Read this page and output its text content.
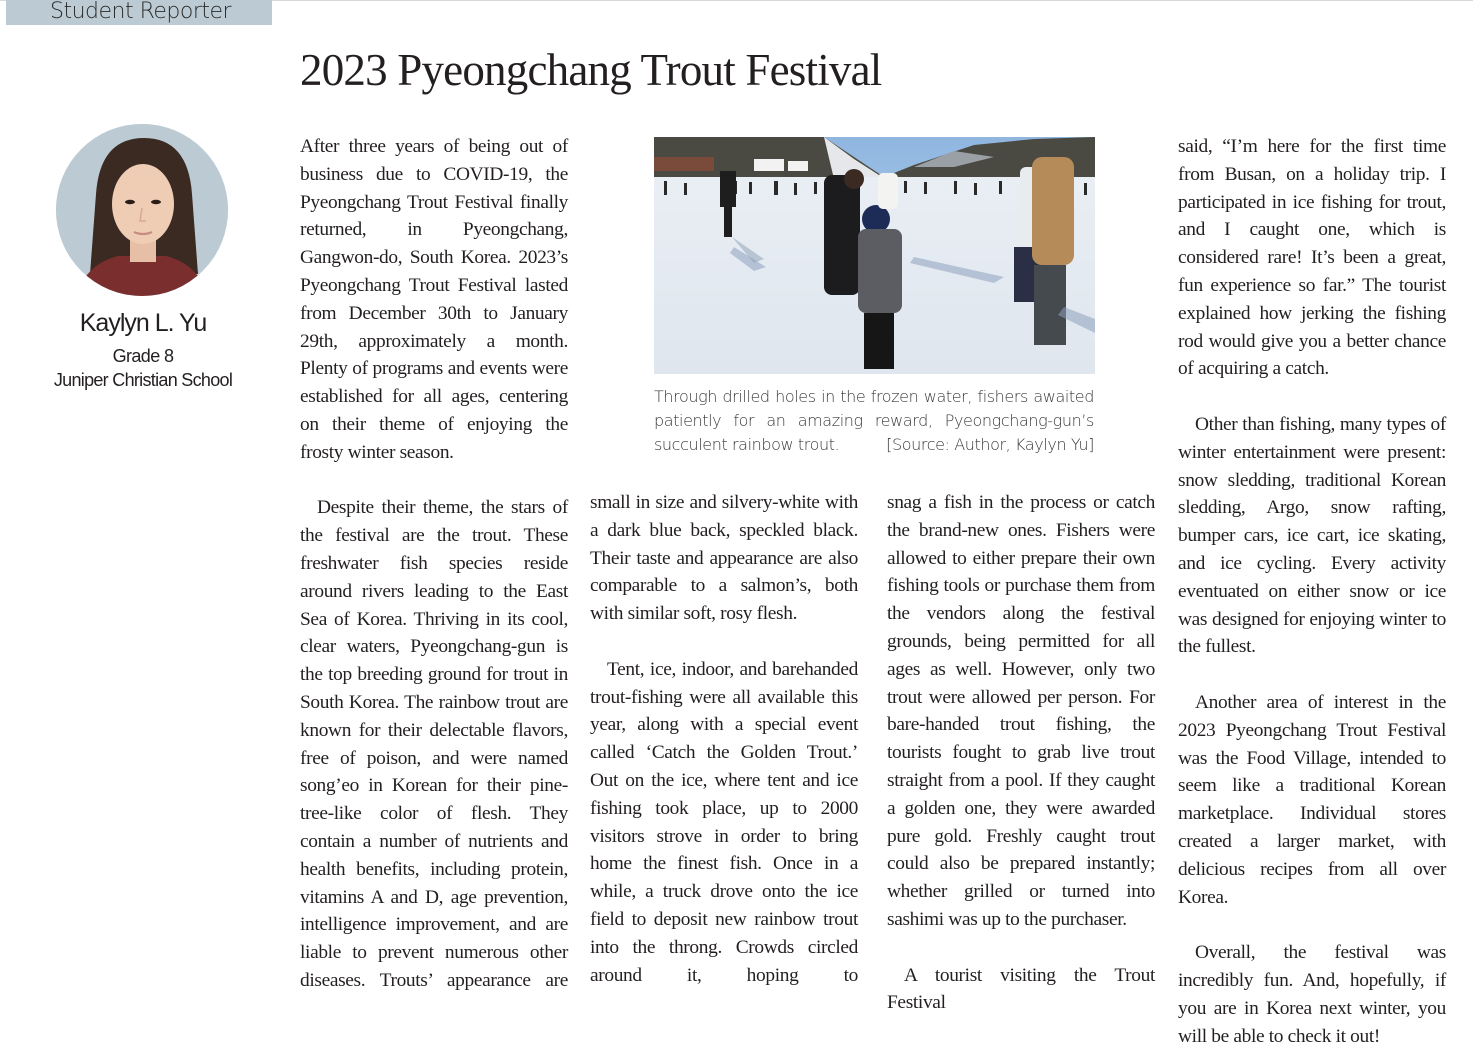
Student Reporter
2023 Pyeongchang Trout Festival
Kaylyn L. Yu
Grade 8
Juniper Christian School

After three years of being out of business due to COVID-19, the Pyeongchang Trout Festival finally returned, in Pyeongchang, Gangwon-do, South Korea. 2023’s Pyeongchang Trout Festival lasted from December 30th to January 29th, approximately a month. Plenty of programs and events were established for all ages, centering on their theme of enjoying the frosty winter season.

Despite their theme, the stars of the festival are the trout. These freshwater fish species reside around rivers leading to the East Sea of Korea. Thriving in its cool, clear waters, Pyeongchang-gun is the top breeding ground for trout in South Korea. The rainbow trout are known for their delectable flavors, free of poison, and were named song’eo in Korean for their pine-tree-like color of flesh. They contain a number of nutrients and health benefits, including protein, vitamins A and D, age prevention, intelligence improvement, and are liable to prevent numerous other diseases. Trouts’ appearance are

Through drilled holes in the frozen water, fishers awaited
patiently for an amazing reward, Pyeongchang-gun’s
succulent rainbow trout.	[Source: Author, Kaylyn Yu]

small in size and silvery-white with a dark blue back, speckled black. Their taste and appearance are also comparable to a salmon’s, both with similar soft, rosy flesh.

Tent, ice, indoor, and barehanded trout-fishing were all available this year, along with a special event called ‘Catch the Golden Trout.’ Out on the ice, where tent and ice fishing took place, up to 2000 visitors strove in order to bring home the finest fish. Once in a while, a truck drove onto the ice field to deposit new rainbow trout into the throng. Crowds circled around it, hoping to

snag a fish in the process or catch the brand-new ones. Fishers were allowed to either prepare their own fishing tools or purchase them from the vendors along the festival grounds, being permitted for all ages as well. However, only two trout were allowed per person. For bare-handed trout fishing, the tourists fought to grab live trout straight from a pool. If they caught a golden one, they were awarded pure gold. Freshly caught trout could also be prepared instantly; whether grilled or turned into sashimi was up to the purchaser.

A tourist visiting the Trout Festival

said, “I’m here for the first time from Busan, on a holiday trip. I participated in ice fishing for trout, and I caught one, which is considered rare! It’s been a great, fun experience so far.” The tourist explained how jerking the fishing rod would give you a better chance of acquiring a catch.

Other than fishing, many types of winter entertainment were present: snow sledding, traditional Korean sledding, Argo, snow rafting, bumper cars, ice cart, ice skating, and ice cycling. Every activity eventuated on either snow or ice was designed for enjoying winter to the fullest.

Another area of interest in the 2023 Pyeongchang Trout Festival was the Food Village, intended to seem like a traditional Korean marketplace. Individual stores created a larger market, with delicious recipes from all over Korea.

Overall, the festival was incredibly fun. And, hopefully, if you are in Korea next winter, you will be able to check it out!
